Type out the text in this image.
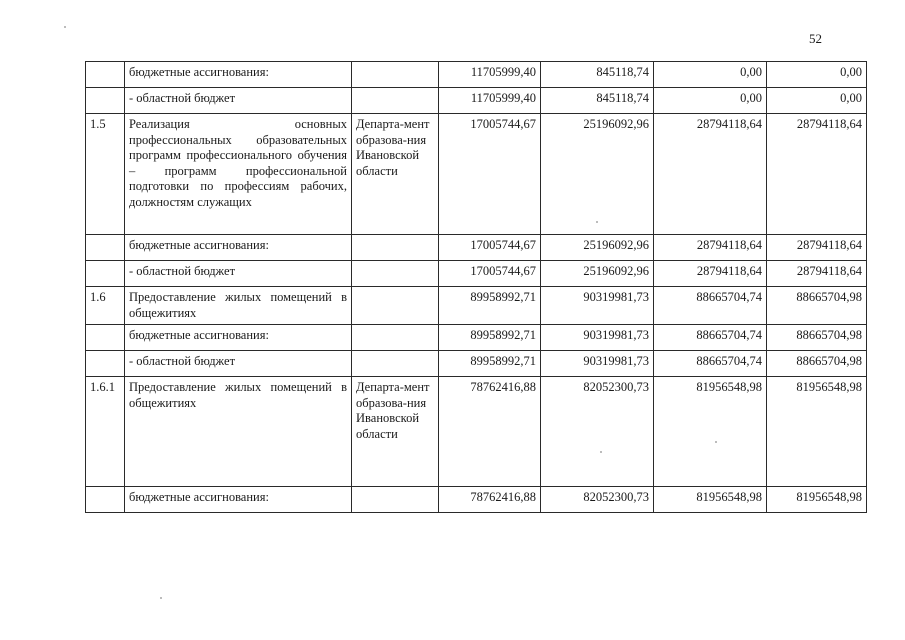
52
	бюджетные ассигнования:		11705999,40	845118,74	0,00	0,00
	- областной бюджет		11705999,40	845118,74	0,00	0,00
1.5	Реализация основных профессиональных образовательных программ профессионального обучения – программ профессиональной подготовки по профессиям рабочих, должностям служащих	Департа-мент образова-ния Ивановской области	17005744,67	25196092,96	28794118,64	28794118,64
	бюджетные ассигнования:		17005744,67	25196092,96	28794118,64	28794118,64
	- областной бюджет		17005744,67	25196092,96	28794118,64	28794118,64
1.6	Предоставление жилых помещений в общежитиях		89958992,71	90319981,73	88665704,74	88665704,98
	бюджетные ассигнования:		89958992,71	90319981,73	88665704,74	88665704,98
	- областной бюджет		89958992,71	90319981,73	88665704,74	88665704,98
1.6.1	Предоставление жилых помещений в общежитиях	Департа-мент образова-ния Ивановской области	78762416,88	82052300,73	81956548,98	81956548,98
	бюджетные ассигнования:		78762416,88	82052300,73	81956548,98	81956548,98
